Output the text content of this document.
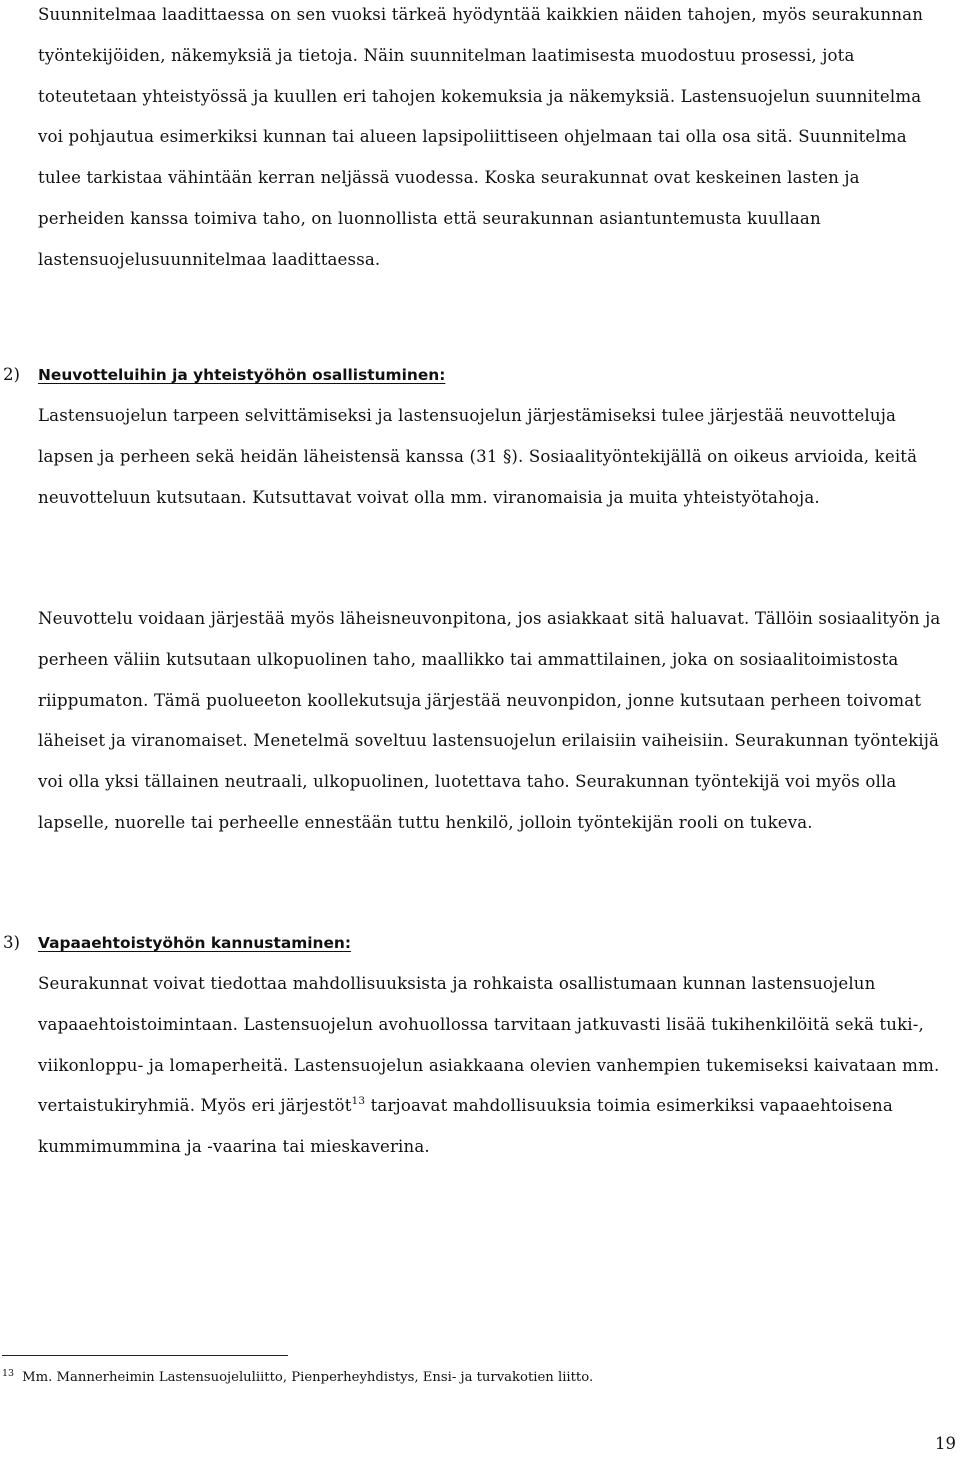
Suunnitelmaa laadittaessa on sen vuoksi tärkeä hyödyntää kaikkien näiden tahojen, myös seurakunnan työntekijöiden, näkemyksiä ja tietoja. Näin suunnitelman laatimisesta muodostuu prosessi, jota toteutetaan yhteistyössä ja kuullen eri tahojen kokemuksia ja näkemyksiä. Lastensuojelun suunnitelma voi pohjautua esimerkiksi kunnan tai alueen lapsipoliittiseen ohjelmaan tai olla osa sitä. Suunnitelma tulee tarkistaa vähintään kerran neljässä vuodessa. Koska seurakunnat ovat keskeinen lasten ja perheiden kanssa toimiva taho, on luonnollista että seurakunnan asiantuntemusta kuullaan lastensuojelusuunnitelmaa laadittaessa.

2) Neuvotteluihin ja yhteistyöhön osallistuminen:

Lastensuojelun tarpeen selvittämiseksi ja lastensuojelun järjestämiseksi tulee järjestää neuvotteluja lapsen ja perheen sekä heidän läheistensä kanssa (31 §). Sosiaalityöntekijällä on oikeus arvioida, keitä neuvotteluun kutsutaan. Kutsuttavat voivat olla mm. viranomaisia ja muita yhteistyötahoja.

Neuvottelu voidaan järjestää myös läheisneuvonpitona, jos asiakkaat sitä haluavat. Tällöin sosiaalityön ja perheen väliin kutsutaan ulkopuolinen taho, maallikko tai ammattilainen, joka on sosiaalitoimistosta riippumaton. Tämä puolueeton koollekutsuja järjestää neuvonpidon, jonne kutsutaan perheen toivomat läheiset ja viranomaiset. Menetelmä soveltuu lastensuojelun erilaisiin vaiheisiin. Seurakunnan työntekijä voi olla yksi tällainen neutraali, ulkopuolinen, luotettava taho. Seurakunnan työntekijä voi myös olla lapselle, nuorelle tai perheelle ennestään tuttu henkilö, jolloin työntekijän rooli on tukeva.

3) Vapaaehtoistyöhön kannustaminen:

Seurakunnat voivat tiedottaa mahdollisuuksista ja rohkaista osallistumaan kunnan lastensuojelun vapaaehtoistoimintaan. Lastensuojelun avohuollossa tarvitaan jatkuvasti lisää tukihenkilöitä sekä tuki-, viikonloppu- ja lomaperheitä. Lastensuojelun asiakkaana olevien vanhempien tukemiseksi kaivataan mm. vertaistukiryhmiä. Myös eri järjestöt$^{13}$ tarjoavat mahdollisuuksia toimia esimerkiksi vapaaehtoisena kummimummina ja -vaarina tai mieskaverina.

$^{13}$ Mm. Mannerheimin Lastensuojeluliitto, Pienperheyhdistys, Ensi- ja turvakotien liitto.

19
